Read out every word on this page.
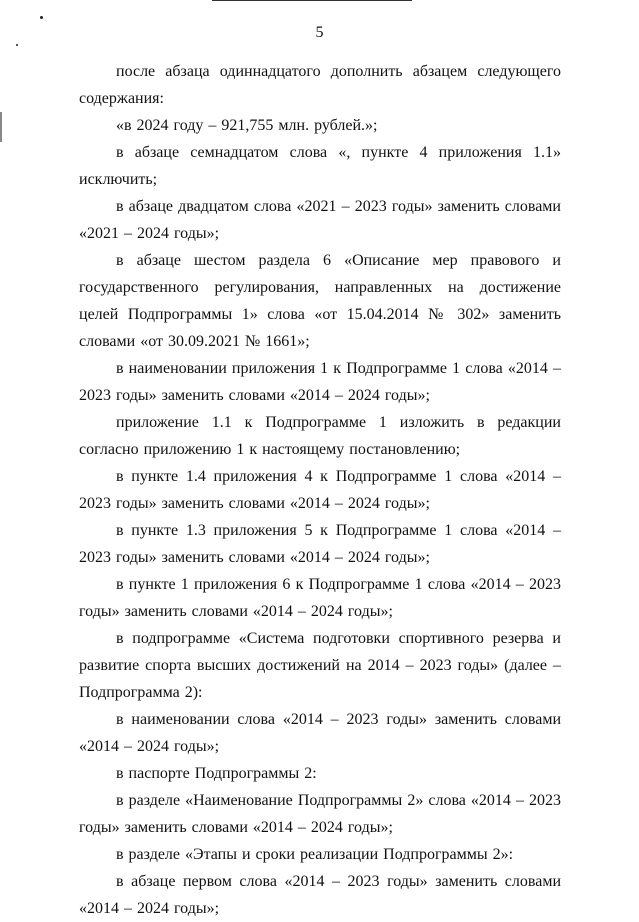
5

после абзаца одиннадцатого дополнить абзацем следующего содержания:

«в 2024 году – 921,755 млн. рублей.»;

в абзаце семнадцатом слова «, пункте 4 приложения 1.1» исключить;

в абзаце двадцатом слова «2021 – 2023 годы» заменить словами «2021 – 2024 годы»;

в абзаце шестом раздела 6 «Описание мер правового и государственного регулирования, направленных на достижение целей Подпрограммы 1» слова «от 15.04.2014 № 302» заменить словами «от 30.09.2021 № 1661»;

в наименовании приложения 1 к Подпрограмме 1 слова «2014 – 2023 годы» заменить словами «2014 – 2024 годы»;

приложение 1.1 к Подпрограмме 1 изложить в редакции согласно приложению 1 к настоящему постановлению;

в пункте 1.4 приложения 4 к Подпрограмме 1 слова «2014 – 2023 годы» заменить словами «2014 – 2024 годы»;

в пункте 1.3 приложения 5 к Подпрограмме 1 слова «2014 – 2023 годы» заменить словами «2014 – 2024 годы»;

в пункте 1 приложения 6 к Подпрограмме 1 слова «2014 – 2023 годы» заменить словами «2014 – 2024 годы»;

в подпрограмме «Система подготовки спортивного резерва и развитие спорта высших достижений на 2014 – 2023 годы» (далее – Подпрограмма 2):

в наименовании слова «2014 – 2023 годы» заменить словами «2014 – 2024 годы»;

в паспорте Подпрограммы 2:

в разделе «Наименование Подпрограммы 2» слова «2014 – 2023 годы» заменить словами «2014 – 2024 годы»;

в разделе «Этапы и сроки реализации Подпрограммы 2»:

в абзаце первом слова «2014 – 2023 годы» заменить словами «2014 – 2024 годы»;
